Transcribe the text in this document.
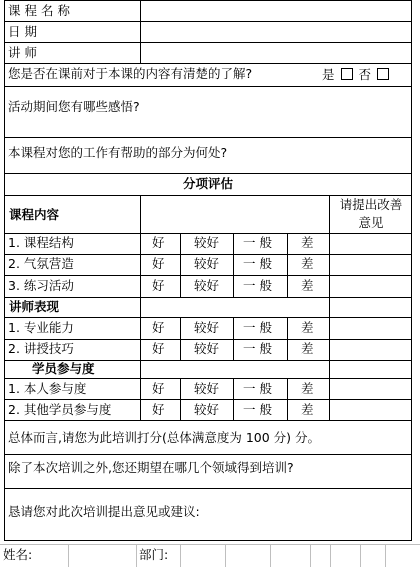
课程名称
日期
讲师
您是否在课前对于本课的内容有清楚的了解?	是 否
活动期间您有哪些感悟?
本课程对您的工作有帮助的部分为何处?
分项评估
请提出改善
意见
课程内容
讲师表现
学员参与度
1. 课程结构
2. 气氛营造
3. 练习活动
1. 专业能力
2. 讲授技巧
1. 本人参与度
2. 其他学员参与度
好 较好 一 般 差
好 较好 一 般 差
好 较好 一 般 差
好 较好 一 般 差
好 较好 一 般 差
好 较好 一 般 差
好 较好 一 般 差
总体而言,请您为此培训打分(总体满意度为 100 分) 分。
除了本次培训之外,您还期望在哪几个领域得到培训?
恳请您对此次培训提出意见或建议:
姓名:	部门:
